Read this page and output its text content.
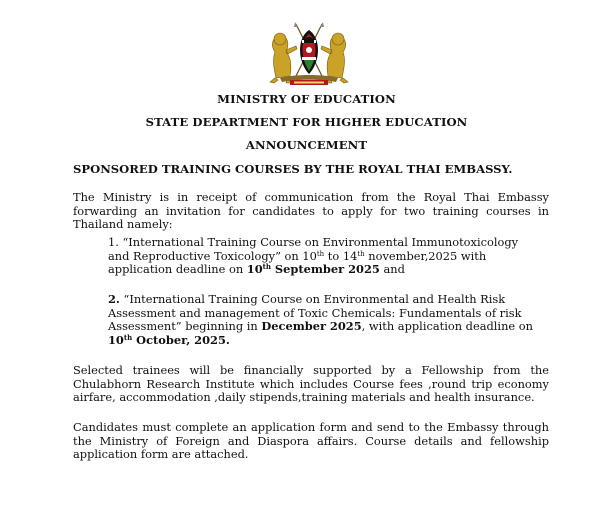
MINISTRY OF EDUCATION
STATE DEPARTMENT FOR HIGHER EDUCATION
ANNOUNCEMENT
SPONSORED TRAINING COURSES BY THE ROYAL THAI EMBASSY.
The Ministry is in receipt of communication from the Royal Thai Embassy
forwarding an invitation for candidates to apply for two training courses in
Thailand namely:
1. “International Training Course on Environmental Immunotoxicology
and Reproductive Toxicology” on 10th to 14th november,2025 with
application deadline on 10th September 2025 and
2. “International Training Course on Environmental and Health Risk
Assessment and management of Toxic Chemicals: Fundamentals of risk
Assessment” beginning in December 2025, with application deadline on
10th October, 2025.
Selected trainees will be financially supported by a Fellowship from the
Chulabhorn Research Institute which includes Course fees ,round trip economy
airfare, accommodation ,daily stipends,training materials and health insurance.
Candidates must complete an application form and send to the Embassy through
the Ministry of Foreign and Diaspora affairs. Course details and fellowship
application form are attached.
